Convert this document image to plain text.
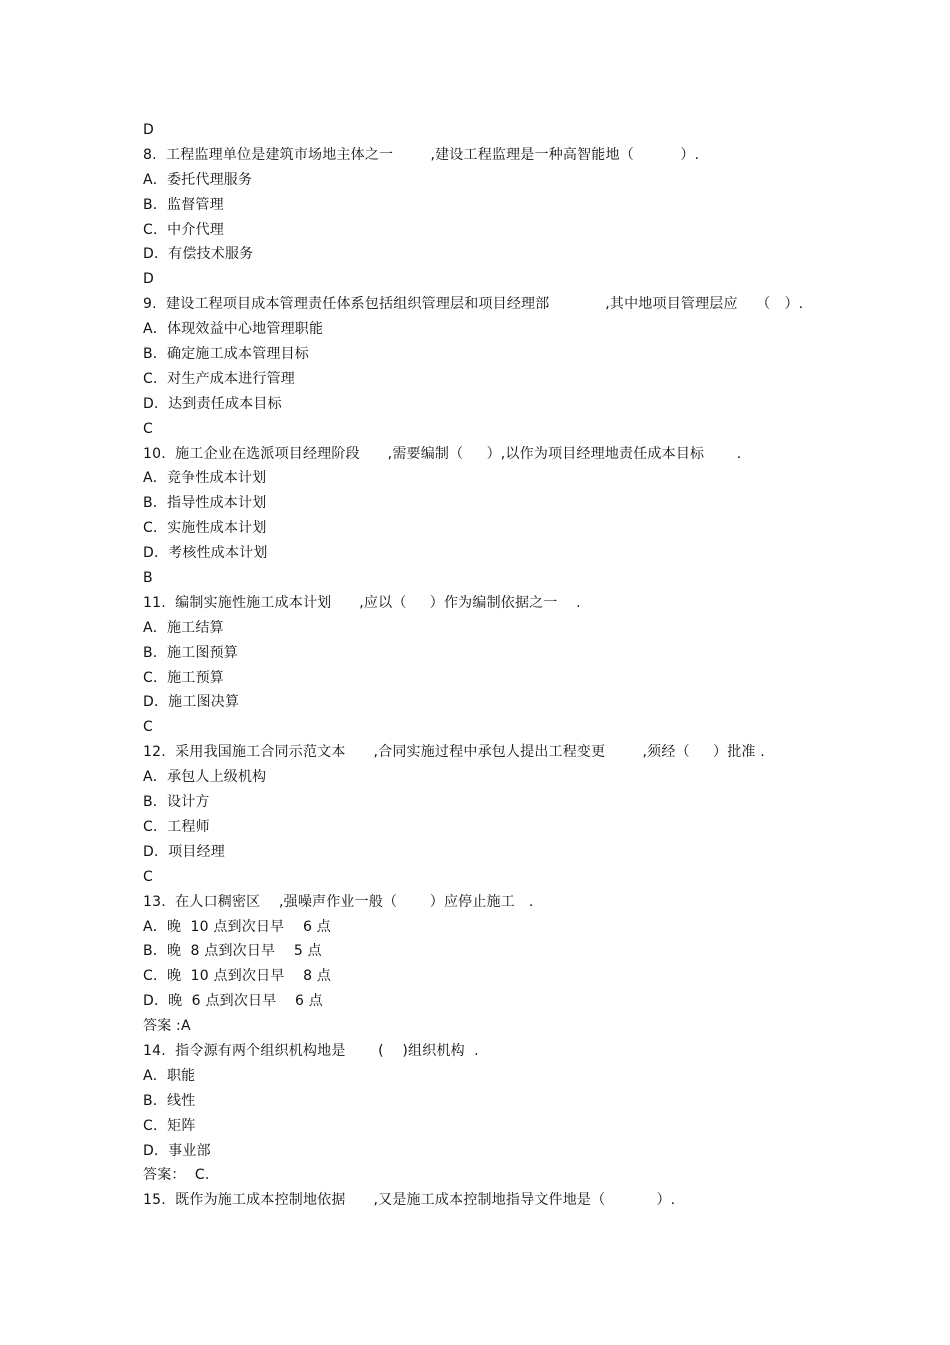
D
8.  工程监理单位是建筑市场地主体之一        ,建设工程监理是一种高智能地（          ）.
A．委托代理服务
B．监督管理
C．中介代理
D．有偿技术服务
D
9.  建设工程项目成本管理责任体系包括组织管理层和项目经理部            ,其中地项目管理层应    （   ）.
A．体现效益中心地管理职能
B．确定施工成本管理目标
C．对生产成本进行管理
D．达到责任成本目标
C
10.  施工企业在选派项目经理阶段      ,需要编制（     ）,以作为项目经理地责任成本目标       .
A．竞争性成本计划
B．指导性成本计划
C．实施性成本计划
D．考核性成本计划
B
11.  编制实施性施工成本计划      ,应以（     ）作为编制依据之一    .
A．施工结算
B．施工图预算
C．施工预算
D．施工图决算
C
12.  采用我国施工合同示范文本      ,合同实施过程中承包人提出工程变更        ,须经（     ）批准 .
A．承包人上级机构
B．设计方
C．工程师
D．项目经理
C
13.  在人口稠密区    ,强噪声作业一般（       ）应停止施工   .
A．晚  10 点到次日早    6 点
B．晚  8 点到次日早    5 点
C．晚  10 点到次日早    8 点
D．晚  6 点到次日早    6 点
答案 :A
14.  指令源有两个组织机构地是       (    )组织机构  .
A．职能
B．线性
C．矩阵
D．事业部
答案：  C.
15.  既作为施工成本控制地依据      ,又是施工成本控制地指导文件地是（           ）.
